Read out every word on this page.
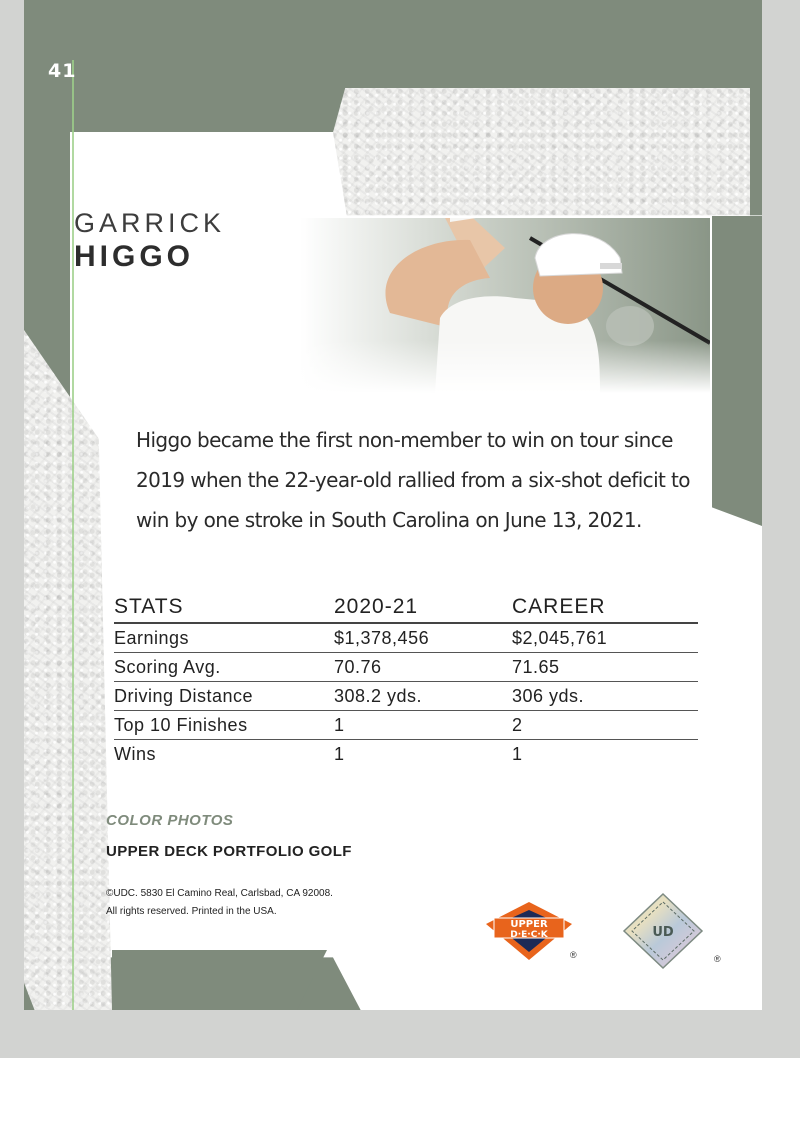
41
GARRICK
HIGGO
Higgo became the first non-member to win on tour since 2019 when the 22-year-old rallied from a six-shot deficit to win by one stroke in South Carolina on June 13, 2021.
STATS	2020-21	CAREER
Earnings	$1,378,456	$2,045,761
Scoring Avg.	70.76	71.65
Driving Distance	308.2 yds.	306 yds.
Top 10 Finishes	1	2
Wins	1	1
COLOR PHOTOS
UPPER DECK PORTFOLIO GOLF
©UDC. 5830 El Camino Real, Carlsbad, CA 92008.
All rights reserved. Printed in the USA.
UPPER
D·E·C·K
®
UD
®
